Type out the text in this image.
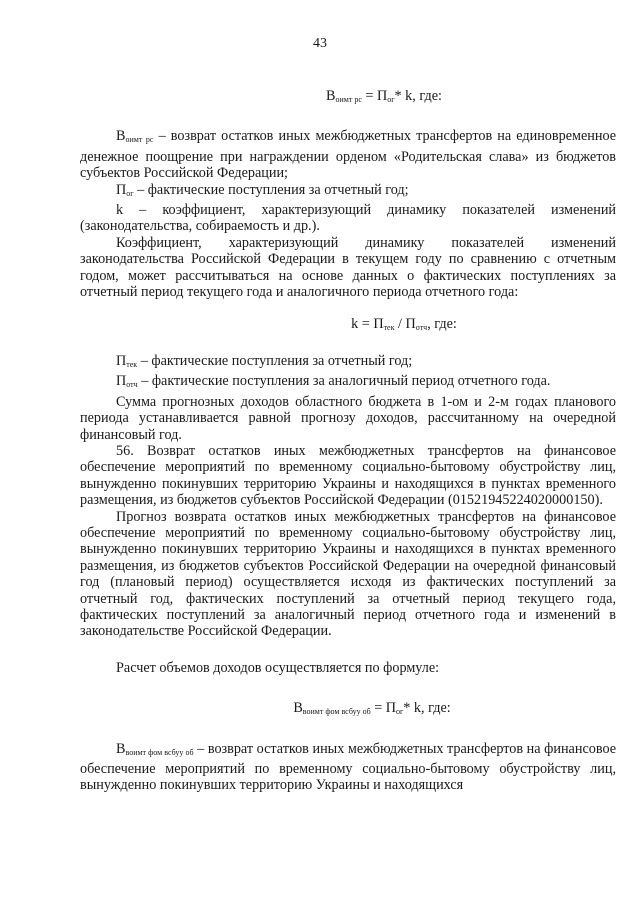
43

$В_{оимт рс} = П_{ог}*$ k, где:

$В_{оимт рс}$ – возврат остатков иных межбюджетных трансфертов на единовременное денежное поощрение при награждении орденом «Родительская слава» из бюджетов субъектов Российской Федерации;

$П_{ог}$ – фактические поступления за отчетный год;

k – коэффициент, характеризующий динамику показателей изменений (законодательства, собираемость и др.).

Коэффициент, характеризующий динамику показателей изменений законодательства Российской Федерации в текущем году по сравнению с отчетным годом, может рассчитываться на основе данных о фактических поступлениях за отчетный период текущего года и аналогичного периода отчетного года:

$k = П_{тек} / П_{отч}$, где:

$П_{тек}$ – фактические поступления за отчетный год;

$П_{отч}$ – фактические поступления за аналогичный период отчетного года.

Сумма прогнозных доходов областного бюджета в 1-ом и 2-м годах планового периода устанавливается равной прогнозу доходов, рассчитанному на очередной финансовый год.

56. Возврат остатков иных межбюджетных трансфертов на финансовое обеспечение мероприятий по временному социально-бытовому обустройству лиц, вынужденно покинувших территорию Украины и находящихся в пунктах временного размещения, из бюджетов субъектов Российской Федерации (01521945224020000150).

Прогноз возврата остатков иных межбюджетных трансфертов на финансовое обеспечение мероприятий по временному социально-бытовому обустройству лиц, вынужденно покинувших территорию Украины и находящихся в пунктах временного размещения, из бюджетов субъектов Российской Федерации на очередной финансовый год (плановый период) осуществляется исходя из фактических поступлений за отчетный год, фактических поступлений за отчетный период текущего года, фактических поступлений за аналогичный период отчетного года и изменений в законодательстве Российской Федерации.

Расчет объемов доходов осуществляется по формуле:

$В_{воимт фом всбуу об} = П_{ог}*$ k, где:

$В_{воимт фом всбуу об}$ – возврат остатков иных межбюджетных трансфертов на финансовое обеспечение мероприятий по временному социально-бытовому обустройству лиц, вынужденно покинувших территорию Украины и находящихся
